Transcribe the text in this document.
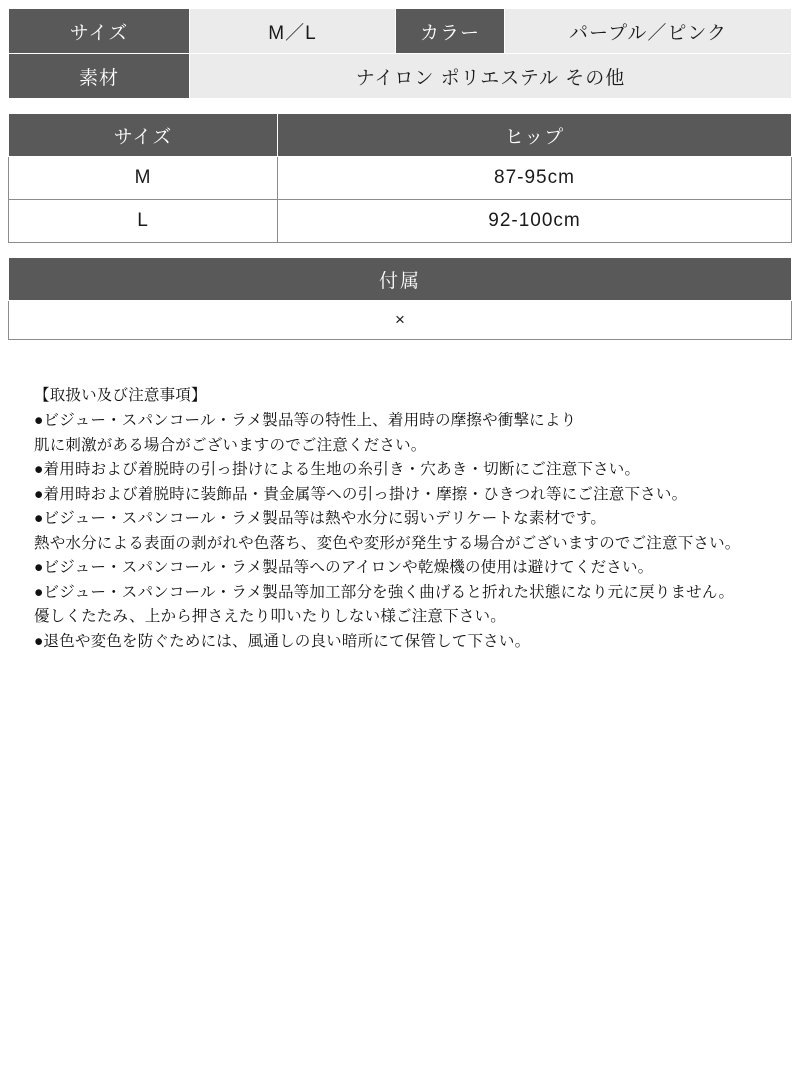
サイズ	M／L	カラー	パープル／ピンク
素材	ナイロン ポリエステル その他		
サイズ	ヒップ
M	87-95cm
L	92-100cm
付属
×
【取扱い及び注意事項】
●ビジュー・スパンコール・ラメ製品等の特性上、着用時の摩擦や衝撃により
肌に刺激がある場合がございますのでご注意ください。
●着用時および着脱時の引っ掛けによる生地の糸引き・穴あき・切断にご注意下さい。
●着用時および着脱時に装飾品・貴金属等への引っ掛け・摩擦・ひきつれ等にご注意下さい。
●ビジュー・スパンコール・ラメ製品等は熱や水分に弱いデリケートな素材です。
熱や水分による表面の剥がれや色落ち、変色や変形が発生する場合がございますのでご注意下さい。
●ビジュー・スパンコール・ラメ製品等へのアイロンや乾燥機の使用は避けてください。
●ビジュー・スパンコール・ラメ製品等加工部分を強く曲げると折れた状態になり元に戻りません。
優しくたたみ、上から押さえたり叩いたりしない様ご注意下さい。
●退色や変色を防ぐためには、風通しの良い暗所にて保管して下さい。
